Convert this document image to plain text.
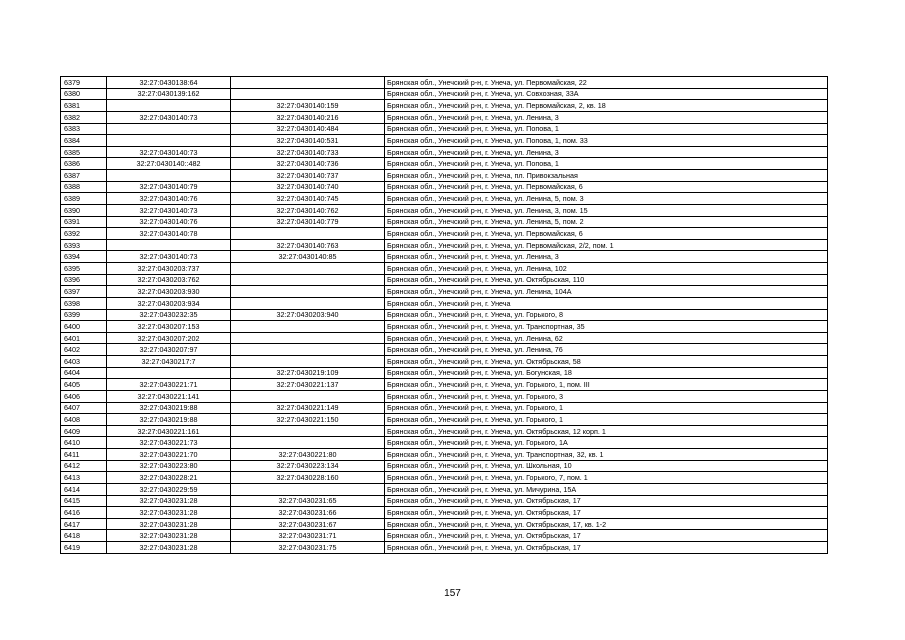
6379	32:27:0430138:64		Брянская обл., Унечский р-н, г. Унеча, ул. Первомайская, 22
6380	32:27:0430139:162		Брянская обл., Унечский р-н, г. Унеча, ул. Совхозная, 33А
6381		32:27:0430140:159	Брянская обл., Унечский р-н, г. Унеча, ул. Первомайская, 2, кв. 18
6382	32:27:0430140:73	32:27:0430140:216	Брянская обл., Унечский р-н, г. Унеча, ул. Ленина, 3
6383		32:27:0430140:484	Брянская обл., Унечский р-н, г. Унеча, ул. Попова, 1
6384		32:27:0430140:531	Брянская обл., Унечский р-н, г. Унеча, ул. Попова, 1, пом. 33
6385	32:27:0430140:73	32:27:0430140:733	Брянская обл., Унечский р-н, г. Унеча, ул. Ленина, 3
6386	32:27:0430140::482	32:27:0430140:736	Брянская обл., Унечский р-н, г. Унеча, ул. Попова, 1
6387		32:27:0430140:737	Брянская обл., Унечский р-н, г. Унеча, пл. Привокзальная
6388	32:27:0430140:79	32:27:0430140:740	Брянская обл., Унечский р-н, г. Унеча, ул. Первомайская, 6
6389	32:27:0430140:76	32:27:0430140:745	Брянская обл., Унечский р-н, г. Унеча, ул. Ленина, 5, пом. 3
6390	32:27:0430140:73	32:27:0430140:762	Брянская обл., Унечский р-н, г. Унеча, ул. Ленина, 3, пом. 15
6391	32:27:0430140:76	32:27:0430140:779	Брянская обл., Унечский р-н, г. Унеча, ул. Ленина, 5, пом. 2
6392	32:27:0430140:78		Брянская обл., Унечский р-н, г. Унеча, ул. Первомайская, 6
6393		32:27:0430140:763	Брянская обл., Унечский р-н, г. Унеча, ул. Первомайская, 2/2, пом. 1
6394	32:27:0430140:73	32:27:0430140:85	Брянская обл., Унечский р-н, г. Унеча, ул. Ленина, 3
6395	32:27:0430203:737		Брянская обл., Унечский р-н, г. Унеча, ул. Ленина, 102
6396	32:27:0430203:762		Брянская обл., Унечский р-н, г. Унеча, ул. Октябрьская, 110
6397	32:27:0430203:930		Брянская обл., Унечский р-н, г. Унеча, ул. Ленина, 104А
6398	32:27:0430203:934		Брянская обл., Унечский р-н, г. Унеча
6399	32:27:0430232:35	32:27:0430203:940	Брянская обл., Унечский р-н, г. Унеча, ул. Горького, 8
6400	32:27:0430207:153		Брянская обл., Унечский р-н, г. Унеча, ул. Транспортная, 35
6401	32:27:0430207:202		Брянская обл., Унечский р-н, г. Унеча, ул. Ленина, 62
6402	32:27:0430207:97		Брянская обл., Унечский р-н, г. Унеча, ул. Ленина, 76
6403	32:27:0430217:7		Брянская обл., Унечский р-н, г. Унеча, ул. Октябрьская, 58
6404		32:27:0430219:109	Брянская обл., Унечский р-н, г. Унеча, ул. Богунская, 18
6405	32:27:0430221:71	32:27:0430221:137	Брянская обл., Унечский р-н, г. Унеча, ул. Горького, 1, пом. III
6406	32:27:0430221:141		Брянская обл., Унечский р-н, г. Унеча, ул. Горького, 3
6407	32:27:0430219:88	32:27:0430221:149	Брянская обл., Унечский р-н, г. Унеча, ул. Горького, 1
6408	32:27:0430219:88	32:27:0430221:150	Брянская обл., Унечский р-н, г. Унеча, ул. Горького, 1
6409	32:27:0430221:161		Брянская обл., Унечский р-н, г. Унеча, ул. Октябрьская, 12 корп. 1
6410	32:27:0430221:73		Брянская обл., Унечский р-н, г. Унеча, ул. Горького, 1А
6411	32:27:0430221:70	32:27:0430221:80	Брянская обл., Унечский р-н, г. Унеча, ул. Транспортная, 32, кв. 1
6412	32:27:0430223:80	32:27:0430223:134	Брянская обл., Унечский р-н, г. Унеча, ул. Школьная, 10
6413	32:27:0430228:21	32:27:0430228:160	Брянская обл., Унечский р-н, г. Унеча, ул. Горького, 7, пом. 1
6414	32:27:0430229:59		Брянская обл., Унечский р-н, г. Унеча, ул. Мичурина, 15А
6415	32:27:0430231:28	32:27:0430231:65	Брянская обл., Унечский р-н, г. Унеча, ул. Октябрьская, 17
6416	32:27:0430231:28	32:27:0430231:66	Брянская обл., Унечский р-н, г. Унеча, ул. Октябрьская, 17
6417	32:27:0430231:28	32:27:0430231:67	Брянская обл., Унечский р-н, г. Унеча, ул. Октябрьская, 17, кв. 1-2
6418	32:27:0430231:28	32:27:0430231:71	Брянская обл., Унечский р-н, г. Унеча, ул. Октябрьская, 17
6419	32:27:0430231:28	32:27:0430231:75	Брянская обл., Унечский р-н, г. Унеча, ул. Октябрьская, 17
157
